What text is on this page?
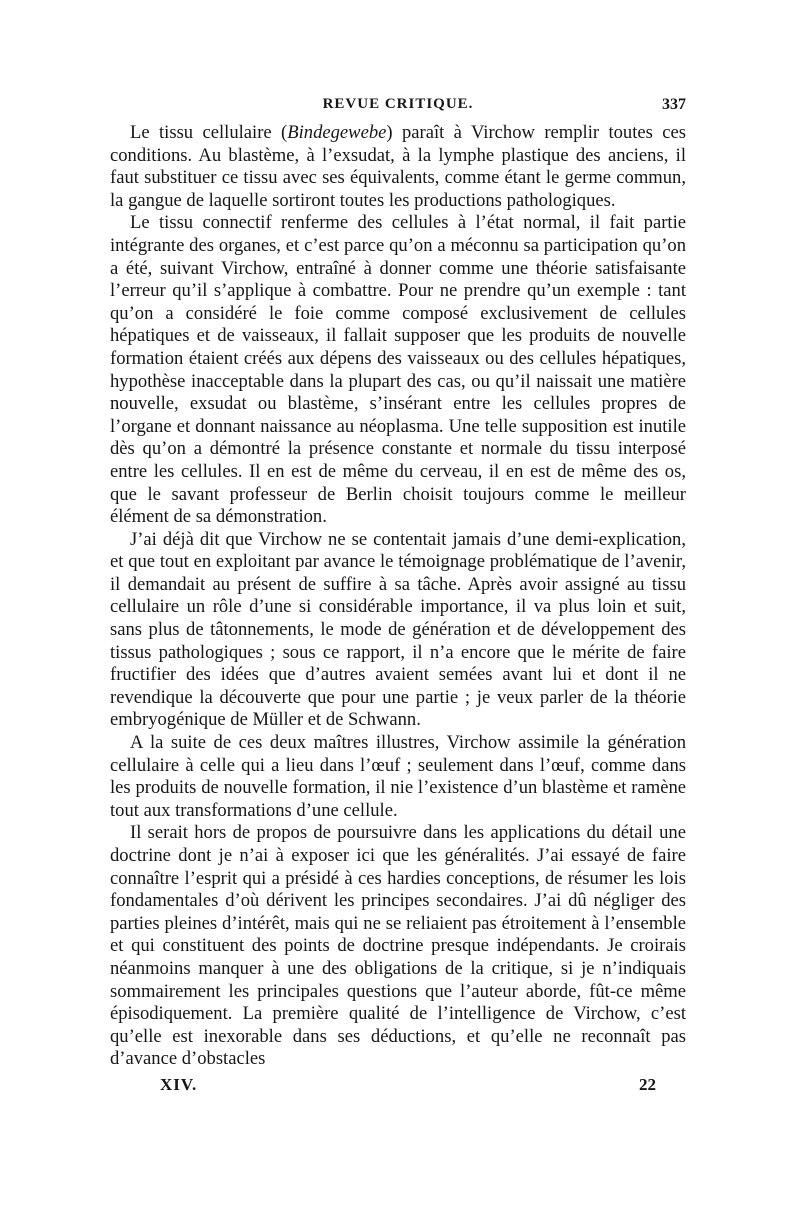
REVUE CRITIQUE.	337

Le tissu cellulaire (Bindegewebe) paraît à Virchow remplir toutes ces conditions. Au blastème, à l’exsudat, à la lymphe plastique des anciens, il faut substituer ce tissu avec ses équivalents, comme étant le germe commun, la gangue de laquelle sortiront toutes les productions pathologiques.

Le tissu connectif renferme des cellules à l’état normal, il fait partie intégrante des organes, et c’est parce qu’on a méconnu sa participation qu’on a été, suivant Virchow, entraîné à donner comme une théorie satisfaisante l’erreur qu’il s’applique à combattre. Pour ne prendre qu’un exemple : tant qu’on a considéré le foie comme composé exclusivement de cellules hépatiques et de vaisseaux, il fallait supposer que les produits de nouvelle formation étaient créés aux dépens des vaisseaux ou des cellules hépatiques, hypothèse inacceptable dans la plupart des cas, ou qu’il naissait une matière nouvelle, exsudat ou blastème, s’insérant entre les cellules propres de l’organe et donnant naissance au néoplasma. Une telle supposition est inutile dès qu’on a démontré la présence constante et normale du tissu interposé entre les cellules. Il en est de même du cerveau, il en est de même des os, que le savant professeur de Berlin choisit toujours comme le meilleur élément de sa démonstration.

J’ai déjà dit que Virchow ne se contentait jamais d’une demi-explication, et que tout en exploitant par avance le témoignage problématique de l’avenir, il demandait au présent de suffire à sa tâche. Après avoir assigné au tissu cellulaire un rôle d’une si considérable importance, il va plus loin et suit, sans plus de tâtonnements, le mode de génération et de développement des tissus pathologiques ; sous ce rapport, il n’a encore que le mérite de faire fructifier des idées que d’autres avaient semées avant lui et dont il ne revendique la découverte que pour une partie ; je veux parler de la théorie embryogénique de Müller et de Schwann.

A la suite de ces deux maîtres illustres, Virchow assimile la génération cellulaire à celle qui a lieu dans l’œuf ; seulement dans l’œuf, comme dans les produits de nouvelle formation, il nie l’existence d’un blastème et ramène tout aux transformations d’une cellule.

Il serait hors de propos de poursuivre dans les applications du détail une doctrine dont je n’ai à exposer ici que les généralités. J’ai essayé de faire connaître l’esprit qui a présidé à ces hardies conceptions, de résumer les lois fondamentales d’où dérivent les principes secondaires. J’ai dû négliger des parties pleines d’intérêt, mais qui ne se reliaient pas étroitement à l’ensemble et qui constituent des points de doctrine presque indépendants. Je croirais néanmoins manquer à une des obligations de la critique, si je n’indiquais sommairement les principales questions que l’auteur aborde, fût-ce même épisodiquement. La première qualité de l’intelligence de Virchow, c’est qu’elle est inexorable dans ses déductions, et qu’elle ne reconnaît pas d’avance d’obstacles

XIV.	22
